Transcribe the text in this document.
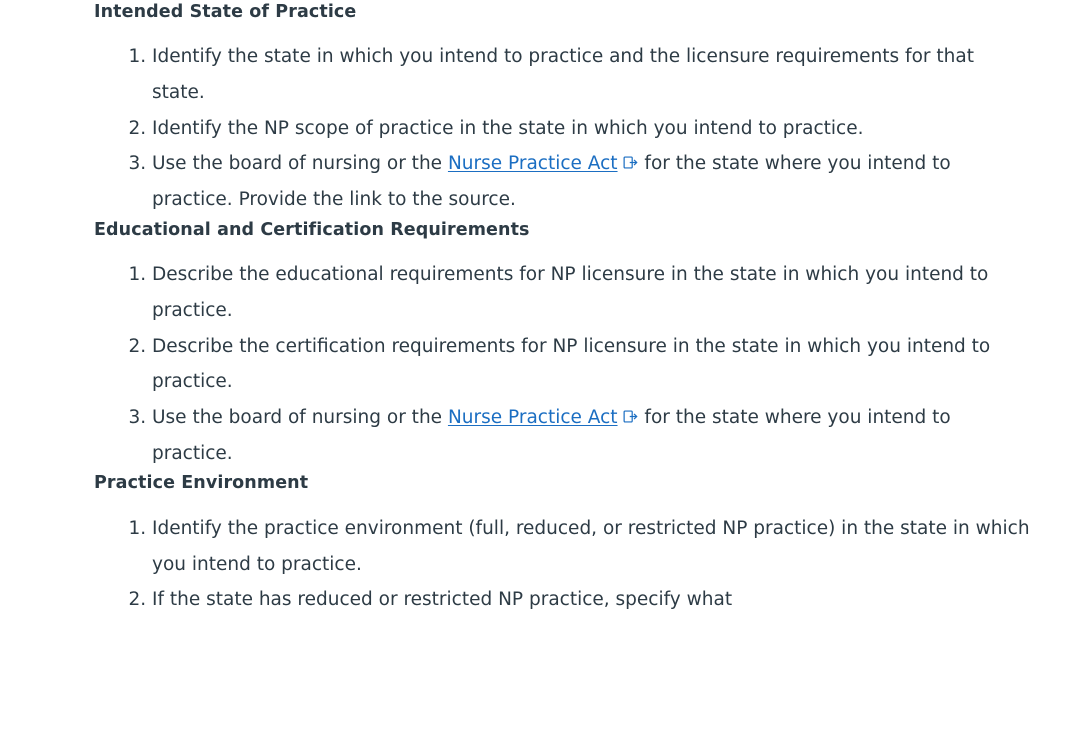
Intended State of Practice
1. Identify the state in which you intend to practice and the licensure requirements for that state.
2. Identify the NP scope of practice in the state in which you intend to practice.
3. Use the board of nursing or the Nurse Practice Act
for the state where you intend to practice. Provide the link to the source.
Educational and Certification Requirements
1. Describe the educational requirements for NP licensure in the state in which you intend to practice.
2. Describe the certification requirements for NP licensure in the state in which you intend to practice.
3. Use the board of nursing or the Nurse Practice Act
for the state where you intend to practice.
Practice Environment
1. Identify the practice environment (full, reduced, or restricted NP practice) in the state in which you intend to practice.
2. If the state has reduced or restricted NP practice, specify what
